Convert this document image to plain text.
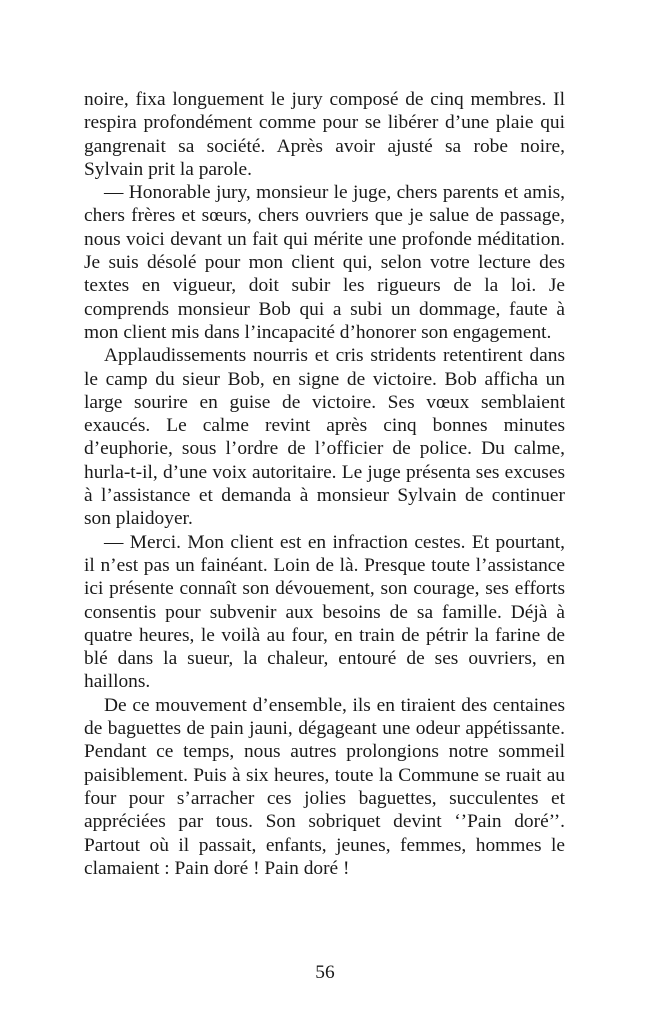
noire, fixa longuement le jury composé de cinq membres. Il respira profondément comme pour se libérer d’une plaie qui gangrenait sa société. Après avoir ajusté sa robe noire, Sylvain prit la parole.

— Honorable jury, monsieur le juge, chers parents et amis, chers frères et sœurs, chers ouvriers que je salue de passage, nous voici devant un fait qui mérite une profonde méditation. Je suis désolé pour mon client qui, selon votre lecture des textes en vigueur, doit subir les rigueurs de la loi. Je comprends monsieur Bob qui a subi un dommage, faute à mon client mis dans l’incapacité d’honorer son engagement.

Applaudissements nourris et cris stridents retentirent dans le camp du sieur Bob, en signe de victoire. Bob afficha un large sourire en guise de victoire. Ses vœux semblaient exaucés. Le calme revint après cinq bonnes minutes d’euphorie, sous l’ordre de l’officier de police. Du calme, hurla-t-il, d’une voix autoritaire. Le juge présenta ses excuses à l’assistance et demanda à monsieur Sylvain de continuer son plaidoyer.

— Merci. Mon client est en infraction cestes. Et pourtant, il n’est pas un fainéant. Loin de là. Presque toute l’assistance ici présente connaît son dévouement, son courage, ses efforts consentis pour subvenir aux besoins de sa famille. Déjà à quatre heures, le voilà au four, en train de pétrir la farine de blé dans la sueur, la chaleur, entouré de ses ouvriers, en haillons.

De ce mouvement d’ensemble, ils en tiraient des centaines de baguettes de pain jauni, dégageant une odeur appétissante. Pendant ce temps, nous autres prolongions notre sommeil paisiblement. Puis à six heures, toute la Commune se ruait au four pour s’arracher ces jolies baguettes, succulentes et appréciées par tous. Son sobriquet devint ‘’Pain doré’’. Partout où il passait, enfants, jeunes, femmes, hommes le clamaient : Pain doré ! Pain doré !

56
